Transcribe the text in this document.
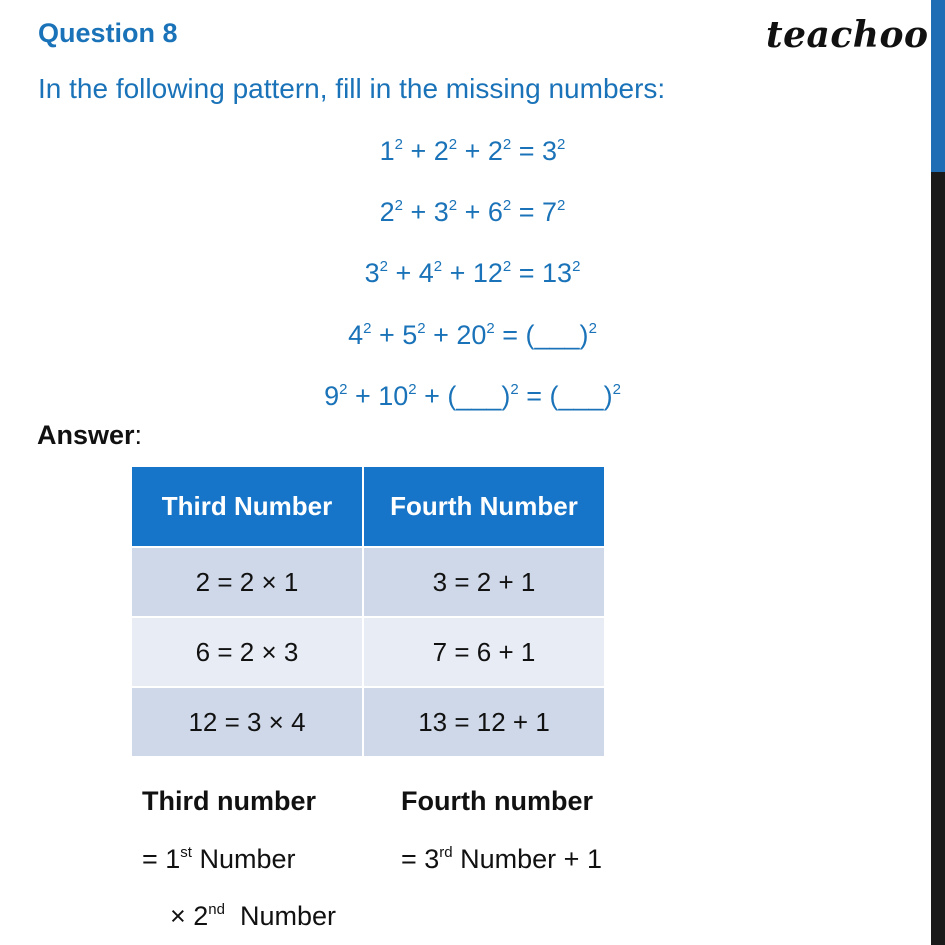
Question 8	teachoo
In the following pattern, fill in the missing numbers:
$1^2 + 2^2 + 2^2 = 3^2$
$2^2 + 3^2 + 6^2 = 7^2$
$3^2 + 4^2 + 12^2 = 13^2$
$4^2 + 5^2 + 20^2$ = (___)$^2$
$9^2 + 10^2$ + (___)$^2$ = (___)$^2$
Answer:
Third Number	Fourth Number
2 = 2 × 1	3 = 2 + 1
6 = 2 × 3	7 = 6 + 1
12 = 3 × 4	13 = 12 + 1
Third number
= 1st Number
× 2nd  Number
Fourth number
= 3rd Number + 1
